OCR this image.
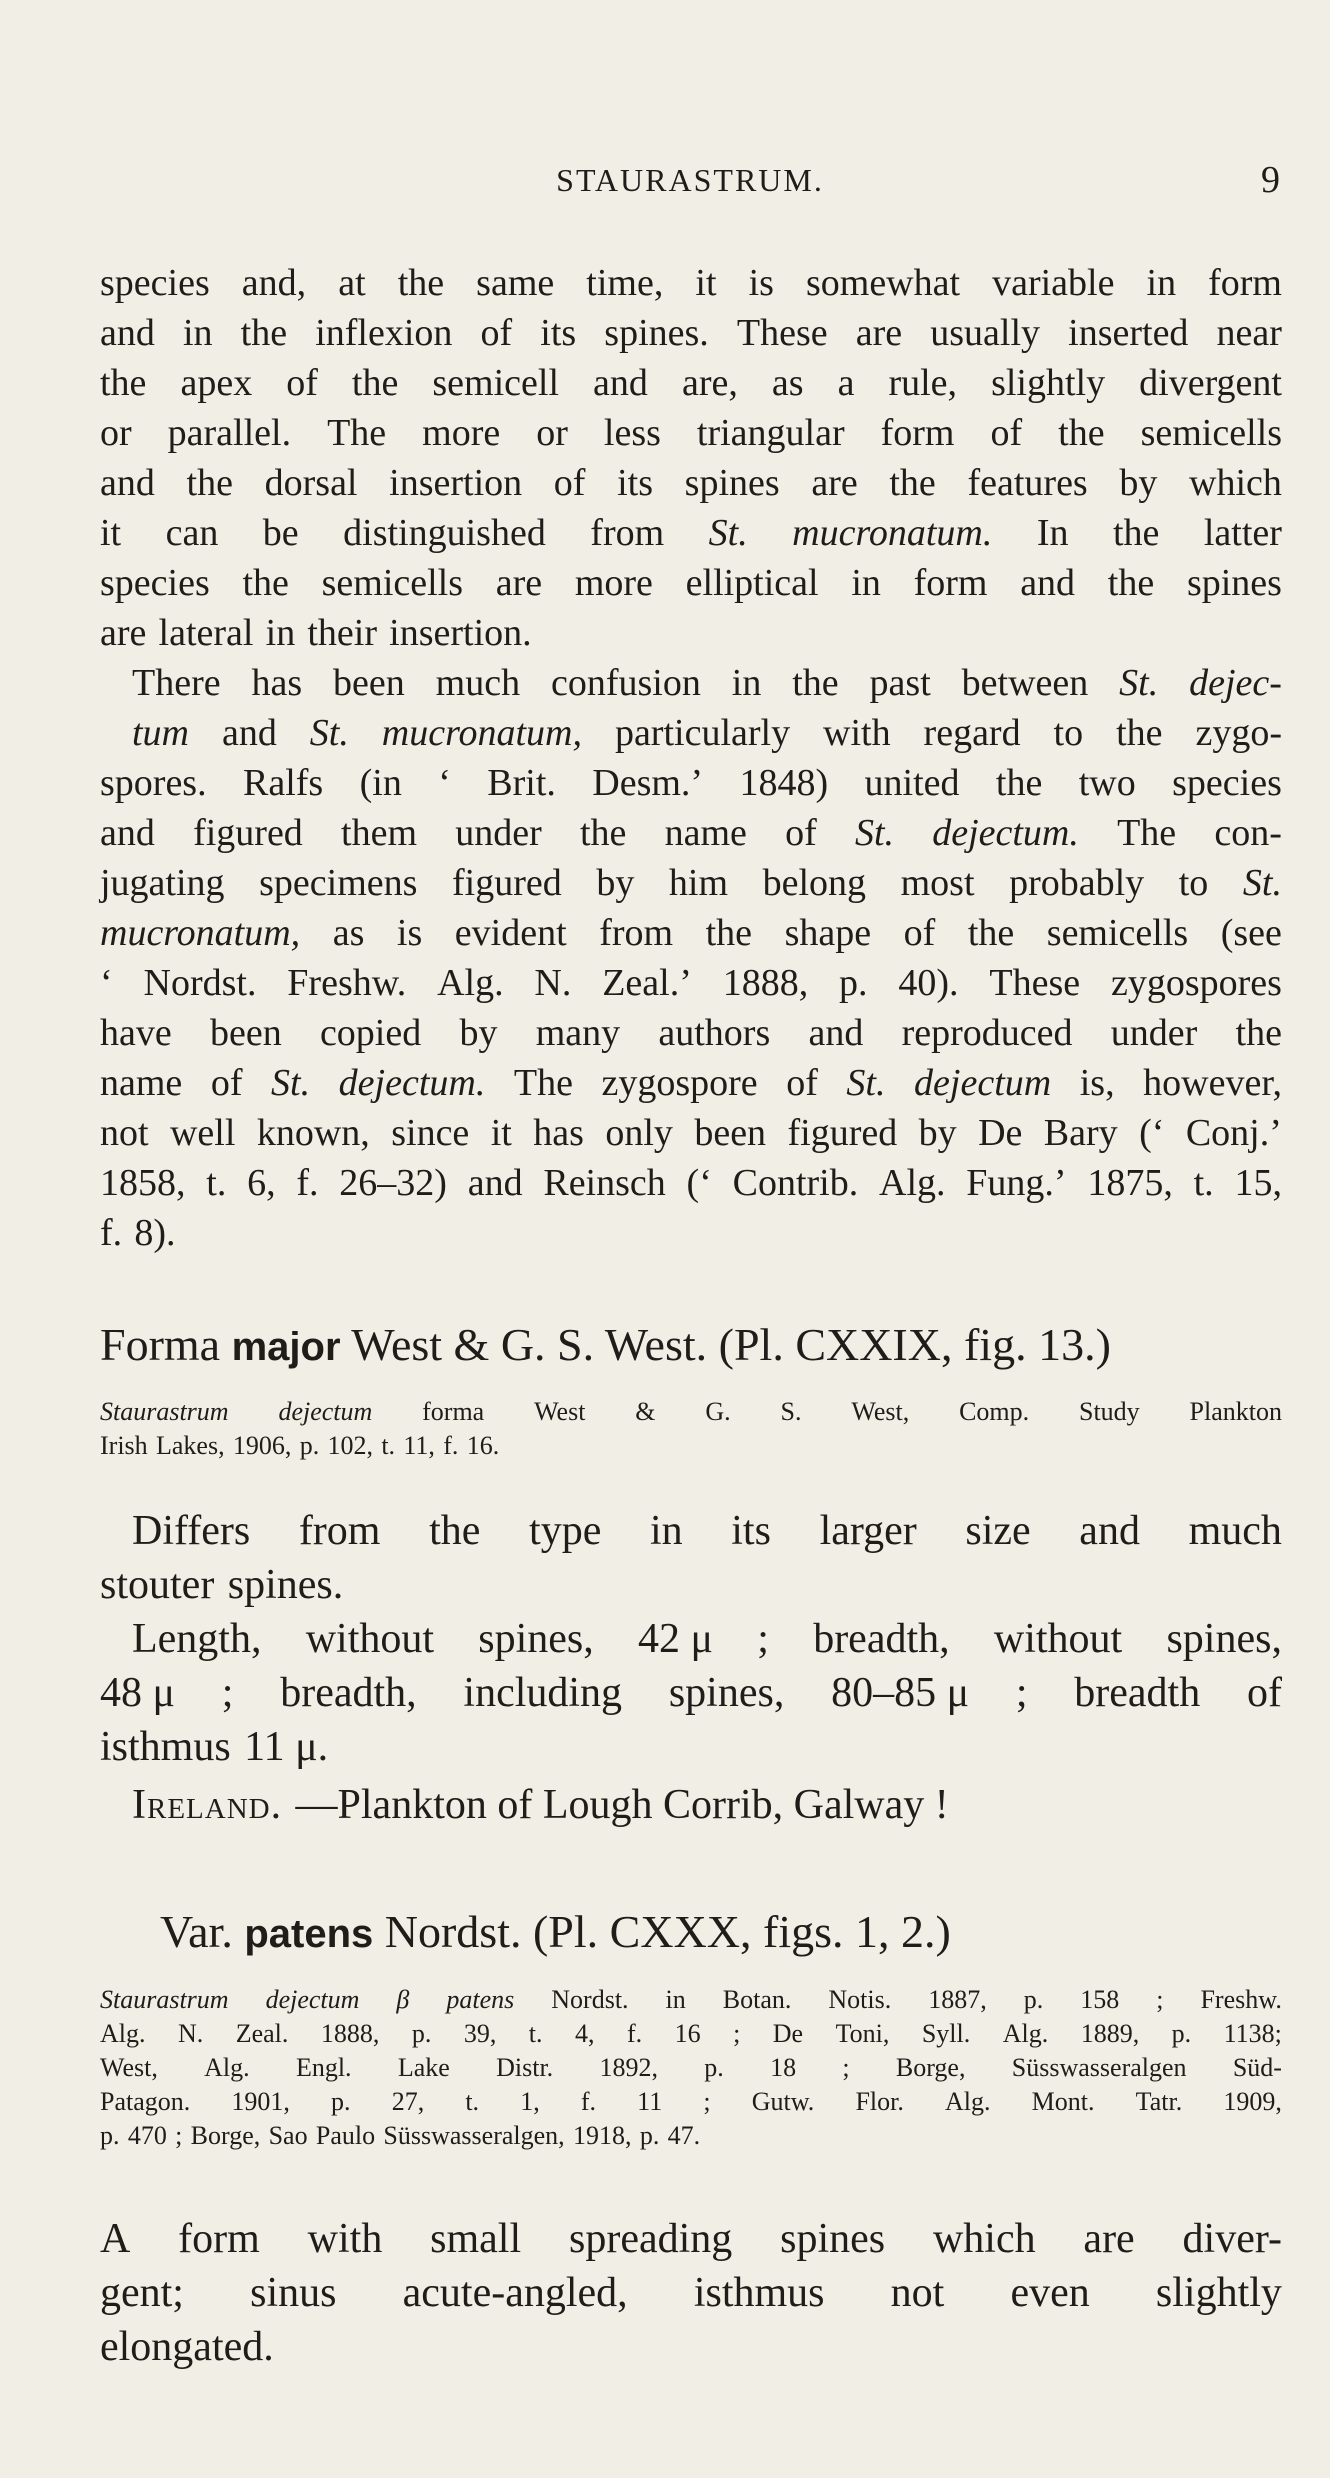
STAURASTRUM.	9
species and, at the same time, it is somewhat variable in form
and in the inflexion of its spines. These are usually inserted near
the apex of the semicell and are, as a rule, slightly divergent
or parallel. The more or less triangular form of the semicells
and the dorsal insertion of its spines are the features by which
it can be distinguished from St. mucronatum. In the latter
species the semicells are more elliptical in form and the spines
are lateral in their insertion.
There has been much confusion in the past between St. dejec-
tum and St. mucronatum, particularly with regard to the zygo-
spores. Ralfs (in ‘ Brit. Desm.’ 1848) united the two species
and figured them under the name of St. dejectum. The con-
jugating specimens figured by him belong most probably to St.
mucronatum, as is evident from the shape of the semicells (see
‘ Nordst. Freshw. Alg. N. Zeal.’ 1888, p. 40). These zygospores
have been copied by many authors and reproduced under the
name of St. dejectum. The zygospore of St. dejectum is, however,
not well known, since it has only been figured by De Bary (‘ Conj.’
1858, t. 6, f. 26–32) and Reinsch (‘ Contrib. Alg. Fung.’ 1875, t. 15,
f. 8).
Forma major West & G. S. West. (Pl. CXXIX, fig. 13.)
Staurastrum dejectum forma West & G. S. West, Comp. Study Plankton
Irish Lakes, 1906, p. 102, t. 11, f. 16.
Differs from the type in its larger size and much
stouter spines.
Length, without spines, 42 μ ; breadth, without spines,
48 μ ; breadth, including spines, 80–85 μ ; breadth of
isthmus 11 μ.
Ireland. —Plankton of Lough Corrib, Galway !
Var. patens Nordst. (Pl. CXXX, figs. 1, 2.)
Staurastrum dejectum β patens Nordst. in Botan. Notis. 1887, p. 158 ; Freshw.
Alg. N. Zeal. 1888, p. 39, t. 4, f. 16 ; De Toni, Syll. Alg. 1889, p. 1138;
West, Alg. Engl. Lake Distr. 1892, p. 18 ; Borge, Süsswasseralgen Süd-
Patagon. 1901, p. 27, t. 1, f. 11 ; Gutw. Flor. Alg. Mont. Tatr. 1909,
p. 470 ; Borge, Sao Paulo Süsswasseralgen, 1918, p. 47.
A form with small spreading spines which are diver-
gent; sinus acute-angled, isthmus not even slightly
elongated.
